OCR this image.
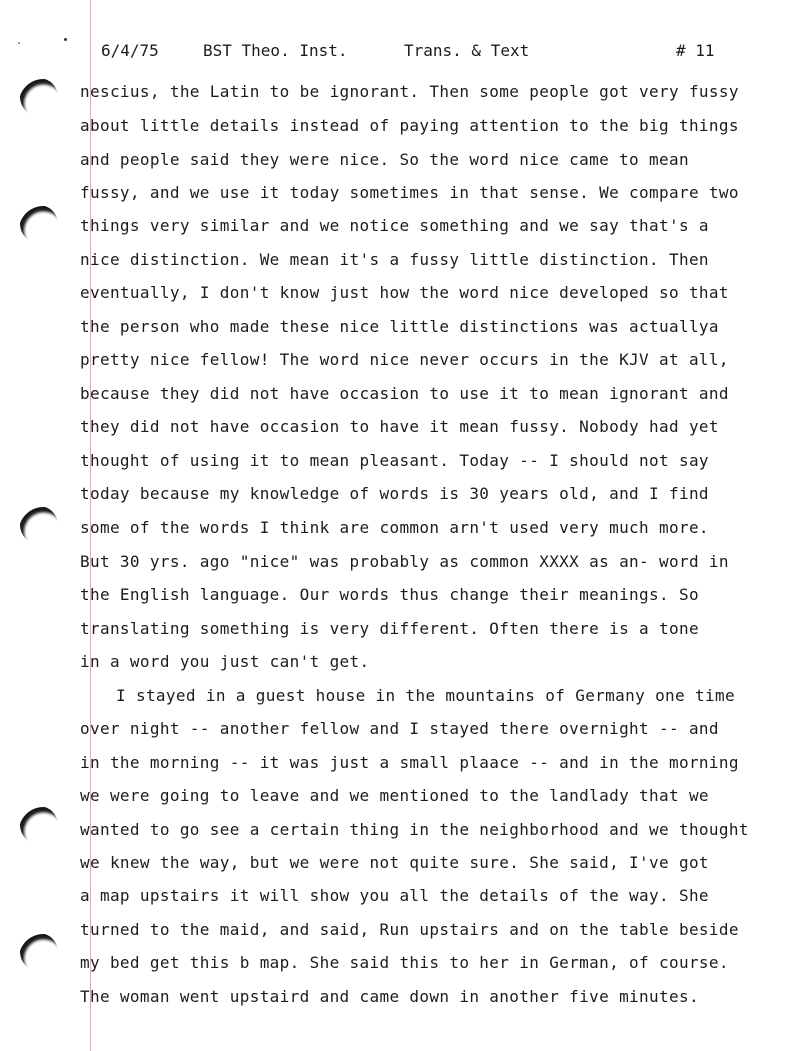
6/4/75	BST Theo. Inst.	Trans. & Text	# 11
nescius, the Latin to be ignorant. Then some people got very fussy
about little details instead of paying attention to the big things
and people said they were nice. So the word nice came to mean
fussy, and we use it today sometimes in that sense. We compare two
things very similar and we notice something and we say that's a
nice distinction. We mean it's a fussy little distinction. Then
eventually, I don't know just how the word nice developed so that
the person who made these nice little distinctions was actuallya
pretty nice fellow! The word nice never occurs in the KJV at all,
because they did not have occasion to use it to mean ignorant and
they did not have occasion to have it mean fussy. Nobody had yet
thought of using it to mean pleasant. Today -- I should not say
today because my knowledge of words is 30 years old, and I find
some of the words I think are common arn't used very much more.
But 30 yrs. ago "nice" was probably as common XXXX as an- word in
the English language. Our words thus change their meanings. So
translating something is very different. Often there is a tone
in a word you just can't get.
I stayed in a guest house in the mountains of Germany one time
over night -- another fellow and I stayed there overnight -- and
in the morning -- it was just a small plaace -- and in the morning
we were going to leave and we mentioned to the landlady that we
wanted to go see a certain thing in the neighborhood and we thought
we knew the way, but we were not quite sure. She said, I've got
a map upstairs it will show you all the details of the way. She
turned to the maid, and said, Run upstairs and on the table beside
my bed get this b map. She said this to her in German, of course.
The woman went upstaird and came down in another five minutes.
